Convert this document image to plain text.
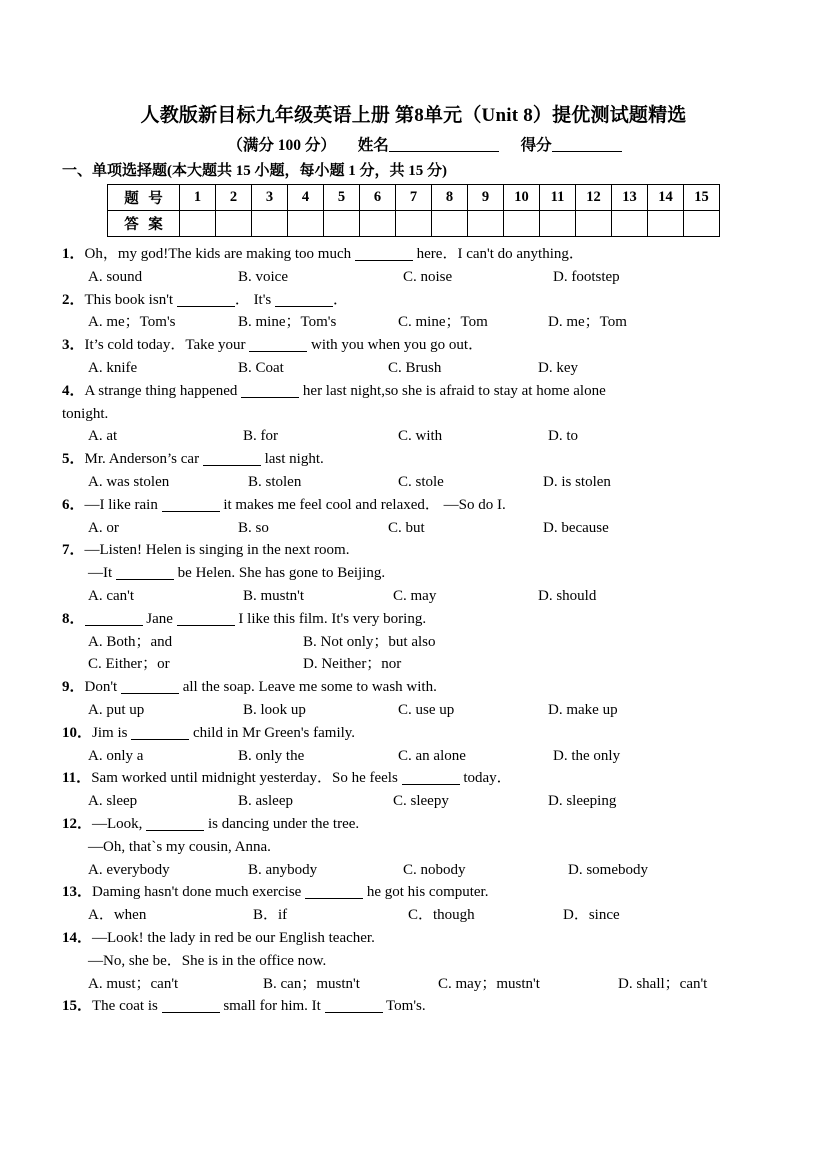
人教版新目标九年级英语上册 第8单元（Unit 8）提优测试题精选
（满分 100 分） 姓名	得分
一、单项选择题(本大题共 15 小题，每小题 1 分，共 15 分)
题 号	1	2	3	4	5	6	7	8	9	10	11	12	13	14	15
答 案															
1．Oh，my god!The kids are making too much	here．I can't do anything．
A. sound	B. voice	C. noise	D. footstep
2．This book isn't	． It's	．
A. me；Tom's	B. mine；Tom's	C. mine；Tom	D. me；Tom
3．It’s cold today．Take your	with you when you go out．
A. knife	B. Coat	C. Brush	D. key
4．A strange thing happened	her last night,so she is afraid to stay at home alone
tonight.
A. at	B. for	C. with	D. to
5．Mr. Anderson’s car	last night.
A. was stolen	B. stolen	C. stole	D. is stolen
6．—I like rain	it makes me feel cool and relaxed． —So do I.
A. or	B. so	C. but	D. because
7．—Listen! Helen is singing in the next room.
—It	be Helen. She has gone to Beijing.
A. can't	B. mustn't	C. may	D. should
8．	Jane	I like this film. It's very boring.
A. Both；and	B. Not only；but also
C. Either；or	D. Neither；nor
9．Don't	all the soap. Leave me some to wash with.
A. put up	B. look up	C. use up	D. make up
10．Jim is	child in Mr Green's family.
A. only a	B. only the	C. an alone	D. the only
11．Sam worked until midnight yesterday．So he feels	today．
A. sleep	B. asleep	C. sleepy	D. sleeping
12．—Look,	is dancing under the tree.
—Oh, that`s my cousin, Anna.
A. everybody	B. anybody	C. nobody	D. somebody
13．Daming hasn't done much exercise	he got his computer.
A．when	B．if	C．though	D．since
14．—Look! the lady in red be our English teacher.
—No, she be．She is in the office now.
A. must；can't	B. can；mustn't	C. may；mustn't	D. shall；can't
15．The coat is	small for him. It	Tom's.
